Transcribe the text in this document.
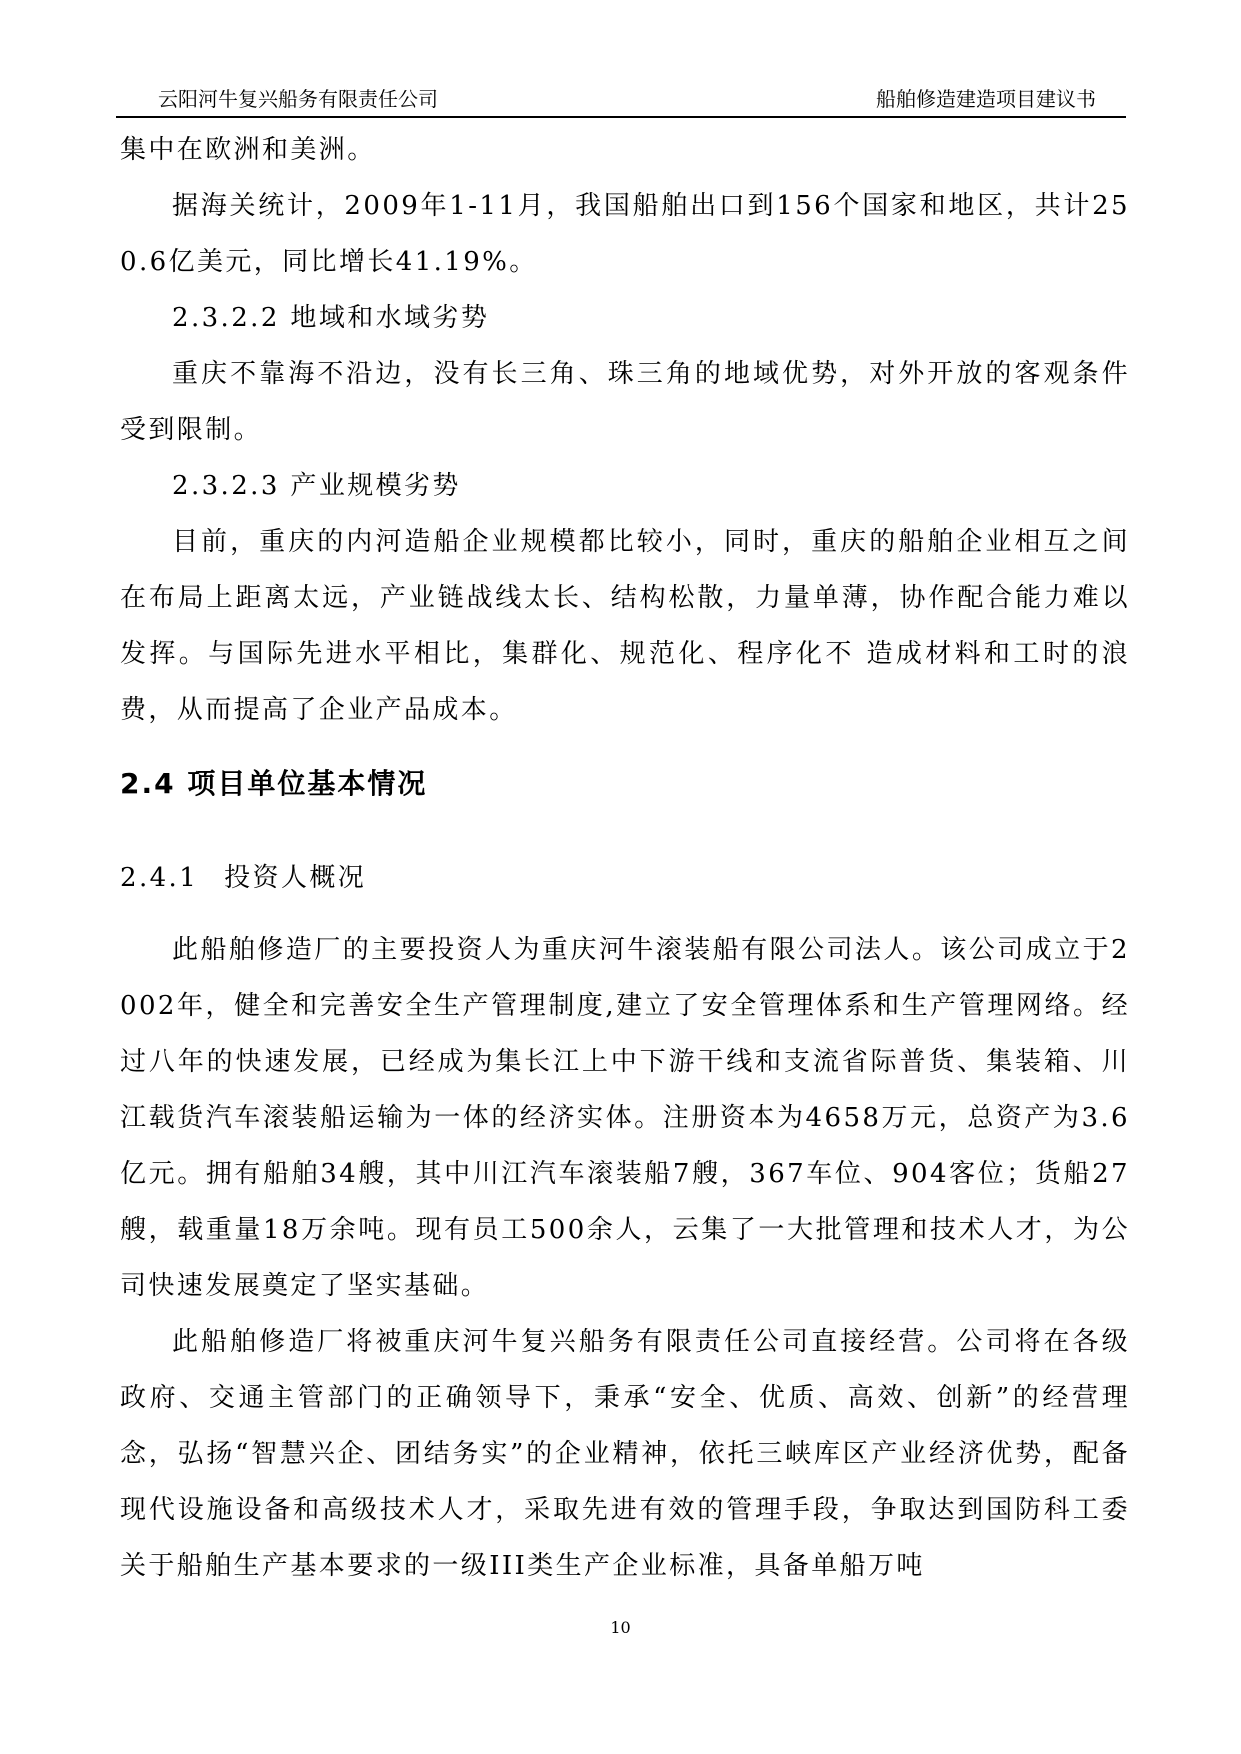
云阳河牛复兴船务有限责任公司	船舶修造建造项目建议书

集中在欧洲和美洲。

据海关统计，2009年1-11月，我国船舶出口到156个国家和地区，共计250.6亿美元，同比增长41.19%。

2.3.2.2 地域和水域劣势

重庆不靠海不沿边，没有长三角、珠三角的地域优势，对外开放的客观条件受到限制。

2.3.2.3 产业规模劣势

目前，重庆的内河造船企业规模都比较小，同时，重庆的船舶企业相互之间在布局上距离太远，产业链战线太长、结构松散，力量单薄，协作配合能力难以发挥。与国际先进水平相比，集群化、规范化、程序化不 造成材料和工时的浪费，从而提高了企业产品成本。

2.4 项目单位基本情况
2.4.1 投资人概况

此船舶修造厂的主要投资人为重庆河牛滚装船有限公司法人。该公司成立于2002年，健全和完善安全生产管理制度,建立了安全管理体系和生产管理网络。经过八年的快速发展，已经成为集长江上中下游干线和支流省际普货、集装箱、川江载货汽车滚装船运输为一体的经济实体。注册资本为4658万元，总资产为3.6亿元。拥有船舶34艘，其中川江汽车滚装船7艘，367车位、904客位；货船27艘，载重量18万余吨。现有员工500余人，云集了一大批管理和技术人才，为公司快速发展奠定了坚实基础。

此船舶修造厂将被重庆河牛复兴船务有限责任公司直接经营。公司将在各级政府、交通主管部门的正确领导下，秉承“安全、优质、高效、创新”的经营理念，弘扬“智慧兴企、团结务实”的企业精神，依托三峡库区产业经济优势，配备现代设施设备和高级技术人才，采取先进有效的管理手段，争取达到国防科工委关于船舶生产基本要求的一级III类生产企业标准，具备单船万吨

10
